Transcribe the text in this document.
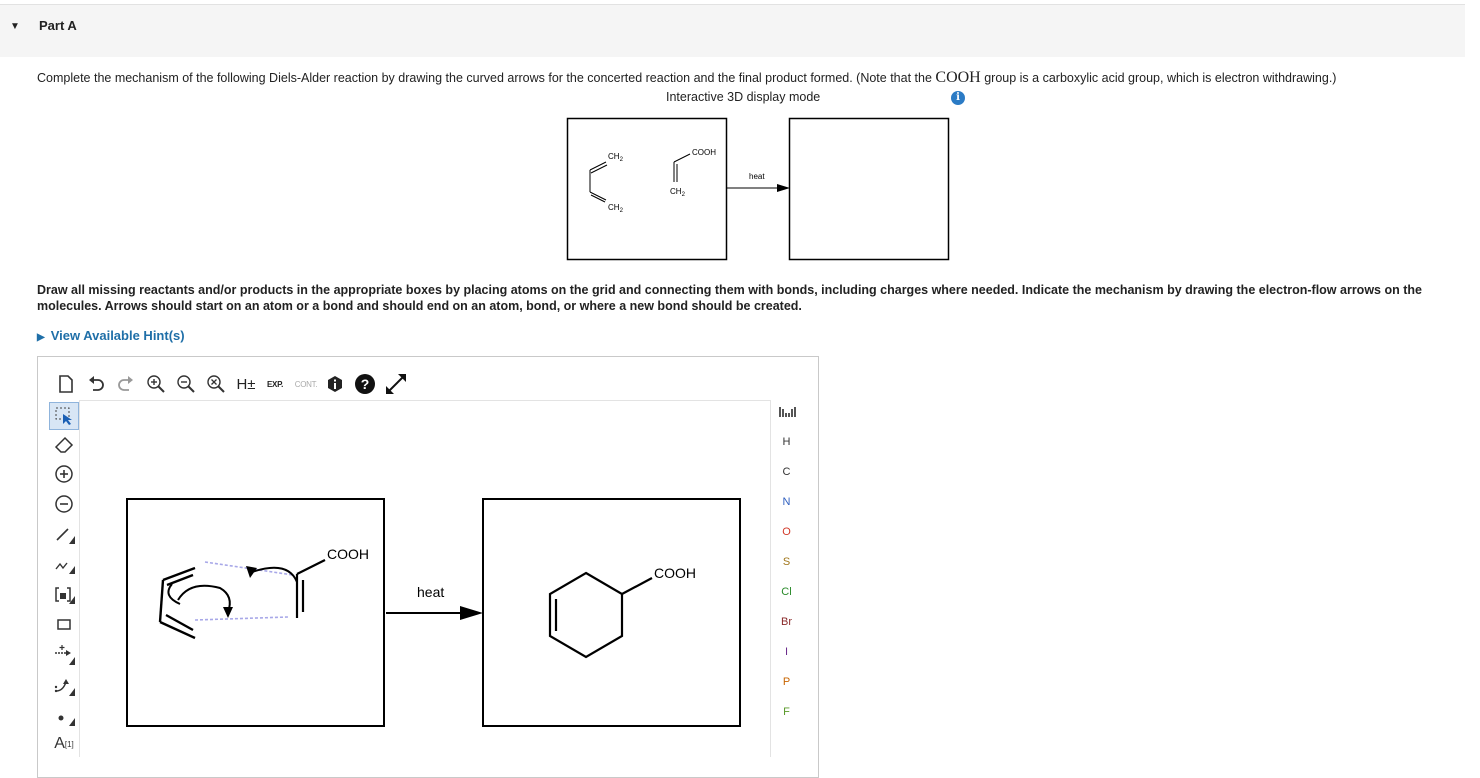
▼ Part A
Complete the mechanism of the following Diels-Alder reaction by drawing the curved arrows for the concerted reaction and the final product formed. (Note that the COOH group is a carboxylic acid group, which is electron withdrawing.)
Interactive 3D display mode	i
$CH_2$
$CH_2$
COOH
$CH_2$
heat
Draw all missing reactants and/or products in the appropriate boxes by placing atoms on the grid and connecting them with bonds, including charges where needed. Indicate the mechanism by drawing the electron-flow arrows on the molecules. Arrows should start on an atom or a bond and should end on an atom, bond, or where a new bond should be created.
▶ View Available Hint(s)
H±	EXP.	CONT.	?
A [1]
H
C
N
O
S
Cl
Br
I
P
F
COOH
heat
COOH
